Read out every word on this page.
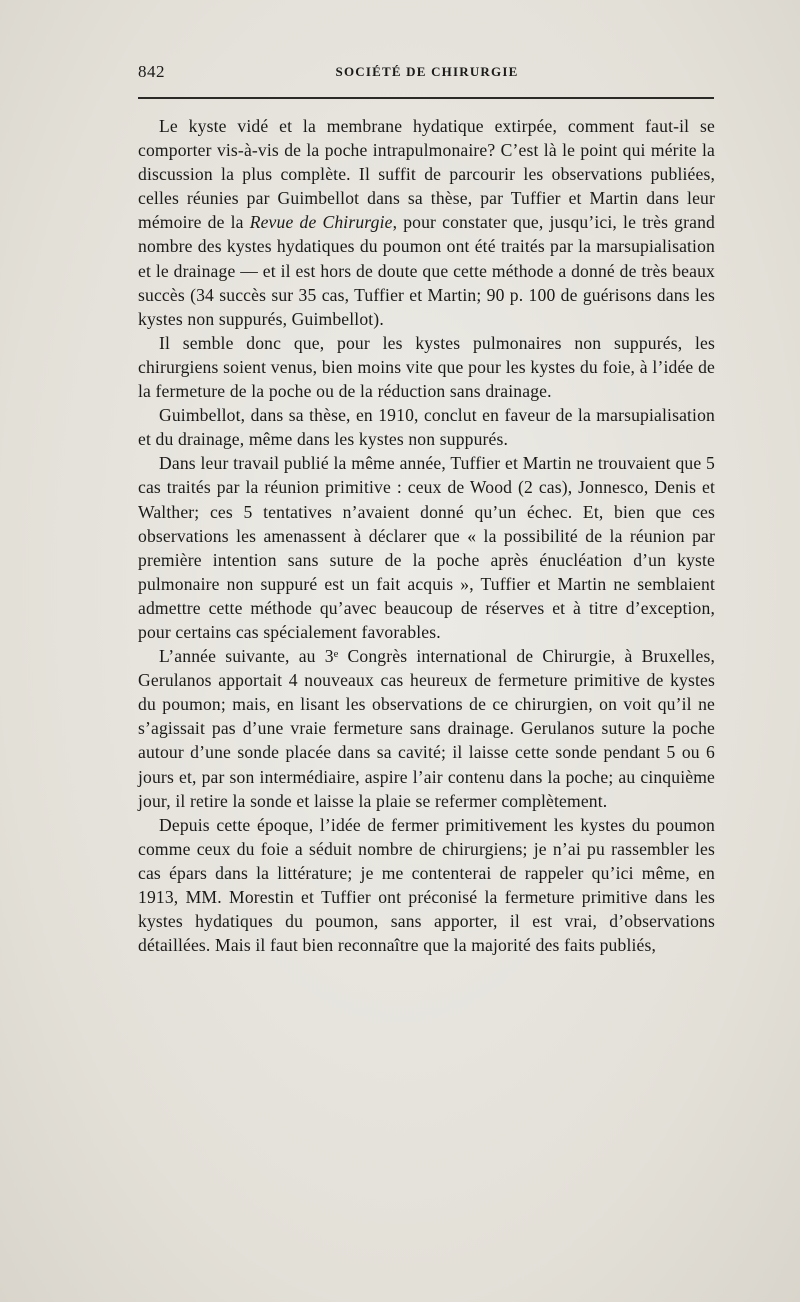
842	SOCIÉTÉ DE CHIRURGIE

Le kyste vidé et la membrane hydatique extirpée, comment faut-il se comporter vis-à-vis de la poche intrapulmonaire? C’est là le point qui mérite la discussion la plus complète. Il suffit de parcourir les observations publiées, celles réunies par Guimbellot dans sa thèse, par Tuffier et Martin dans leur mémoire de la Revue de Chirurgie, pour constater que, jusqu’ici, le très grand nombre des kystes hydatiques du poumon ont été traités par la marsupialisation et le drainage — et il est hors de doute que cette méthode a donné de très beaux succès (34 succès sur 35 cas, Tuffier et Martin; 90 p. 100 de guérisons dans les kystes non suppurés, Guimbellot).

Il semble donc que, pour les kystes pulmonaires non suppurés, les chirurgiens soient venus, bien moins vite que pour les kystes du foie, à l’idée de la fermeture de la poche ou de la réduction sans drainage.

Guimbellot, dans sa thèse, en 1910, conclut en faveur de la marsupialisation et du drainage, même dans les kystes non suppurés.

Dans leur travail publié la même année, Tuffier et Martin ne trouvaient que 5 cas traités par la réunion primitive : ceux de Wood (2 cas), Jonnesco, Denis et Walther; ces 5 tentatives n’avaient donné qu’un échec. Et, bien que ces observations les amenassent à déclarer que « la possibilité de la réunion par première intention sans suture de la poche après énucléation d’un kyste pulmonaire non suppuré est un fait acquis », Tuffier et Martin ne semblaient admettre cette méthode qu’avec beaucoup de réserves et à titre d’exception, pour certains cas spécialement favorables.

L’année suivante, au 3ᵉ Congrès international de Chirurgie, à Bruxelles, Gerulanos apportait 4 nouveaux cas heureux de fermeture primitive de kystes du poumon; mais, en lisant les observations de ce chirurgien, on voit qu’il ne s’agissait pas d’une vraie fermeture sans drainage. Gerulanos suture la poche autour d’une sonde placée dans sa cavité; il laisse cette sonde pendant 5 ou 6 jours et, par son intermédiaire, aspire l’air contenu dans la poche; au cinquième jour, il retire la sonde et laisse la plaie se refermer complètement.

Depuis cette époque, l’idée de fermer primitivement les kystes du poumon comme ceux du foie a séduit nombre de chirurgiens; je n’ai pu rassembler les cas épars dans la littérature; je me contenterai de rappeler qu’ici même, en 1913, MM. Morestin et Tuffier ont préconisé la fermeture primitive dans les kystes hydatiques du poumon, sans apporter, il est vrai, d’observations détaillées. Mais il faut bien reconnaître que la majorité des faits publiés,
